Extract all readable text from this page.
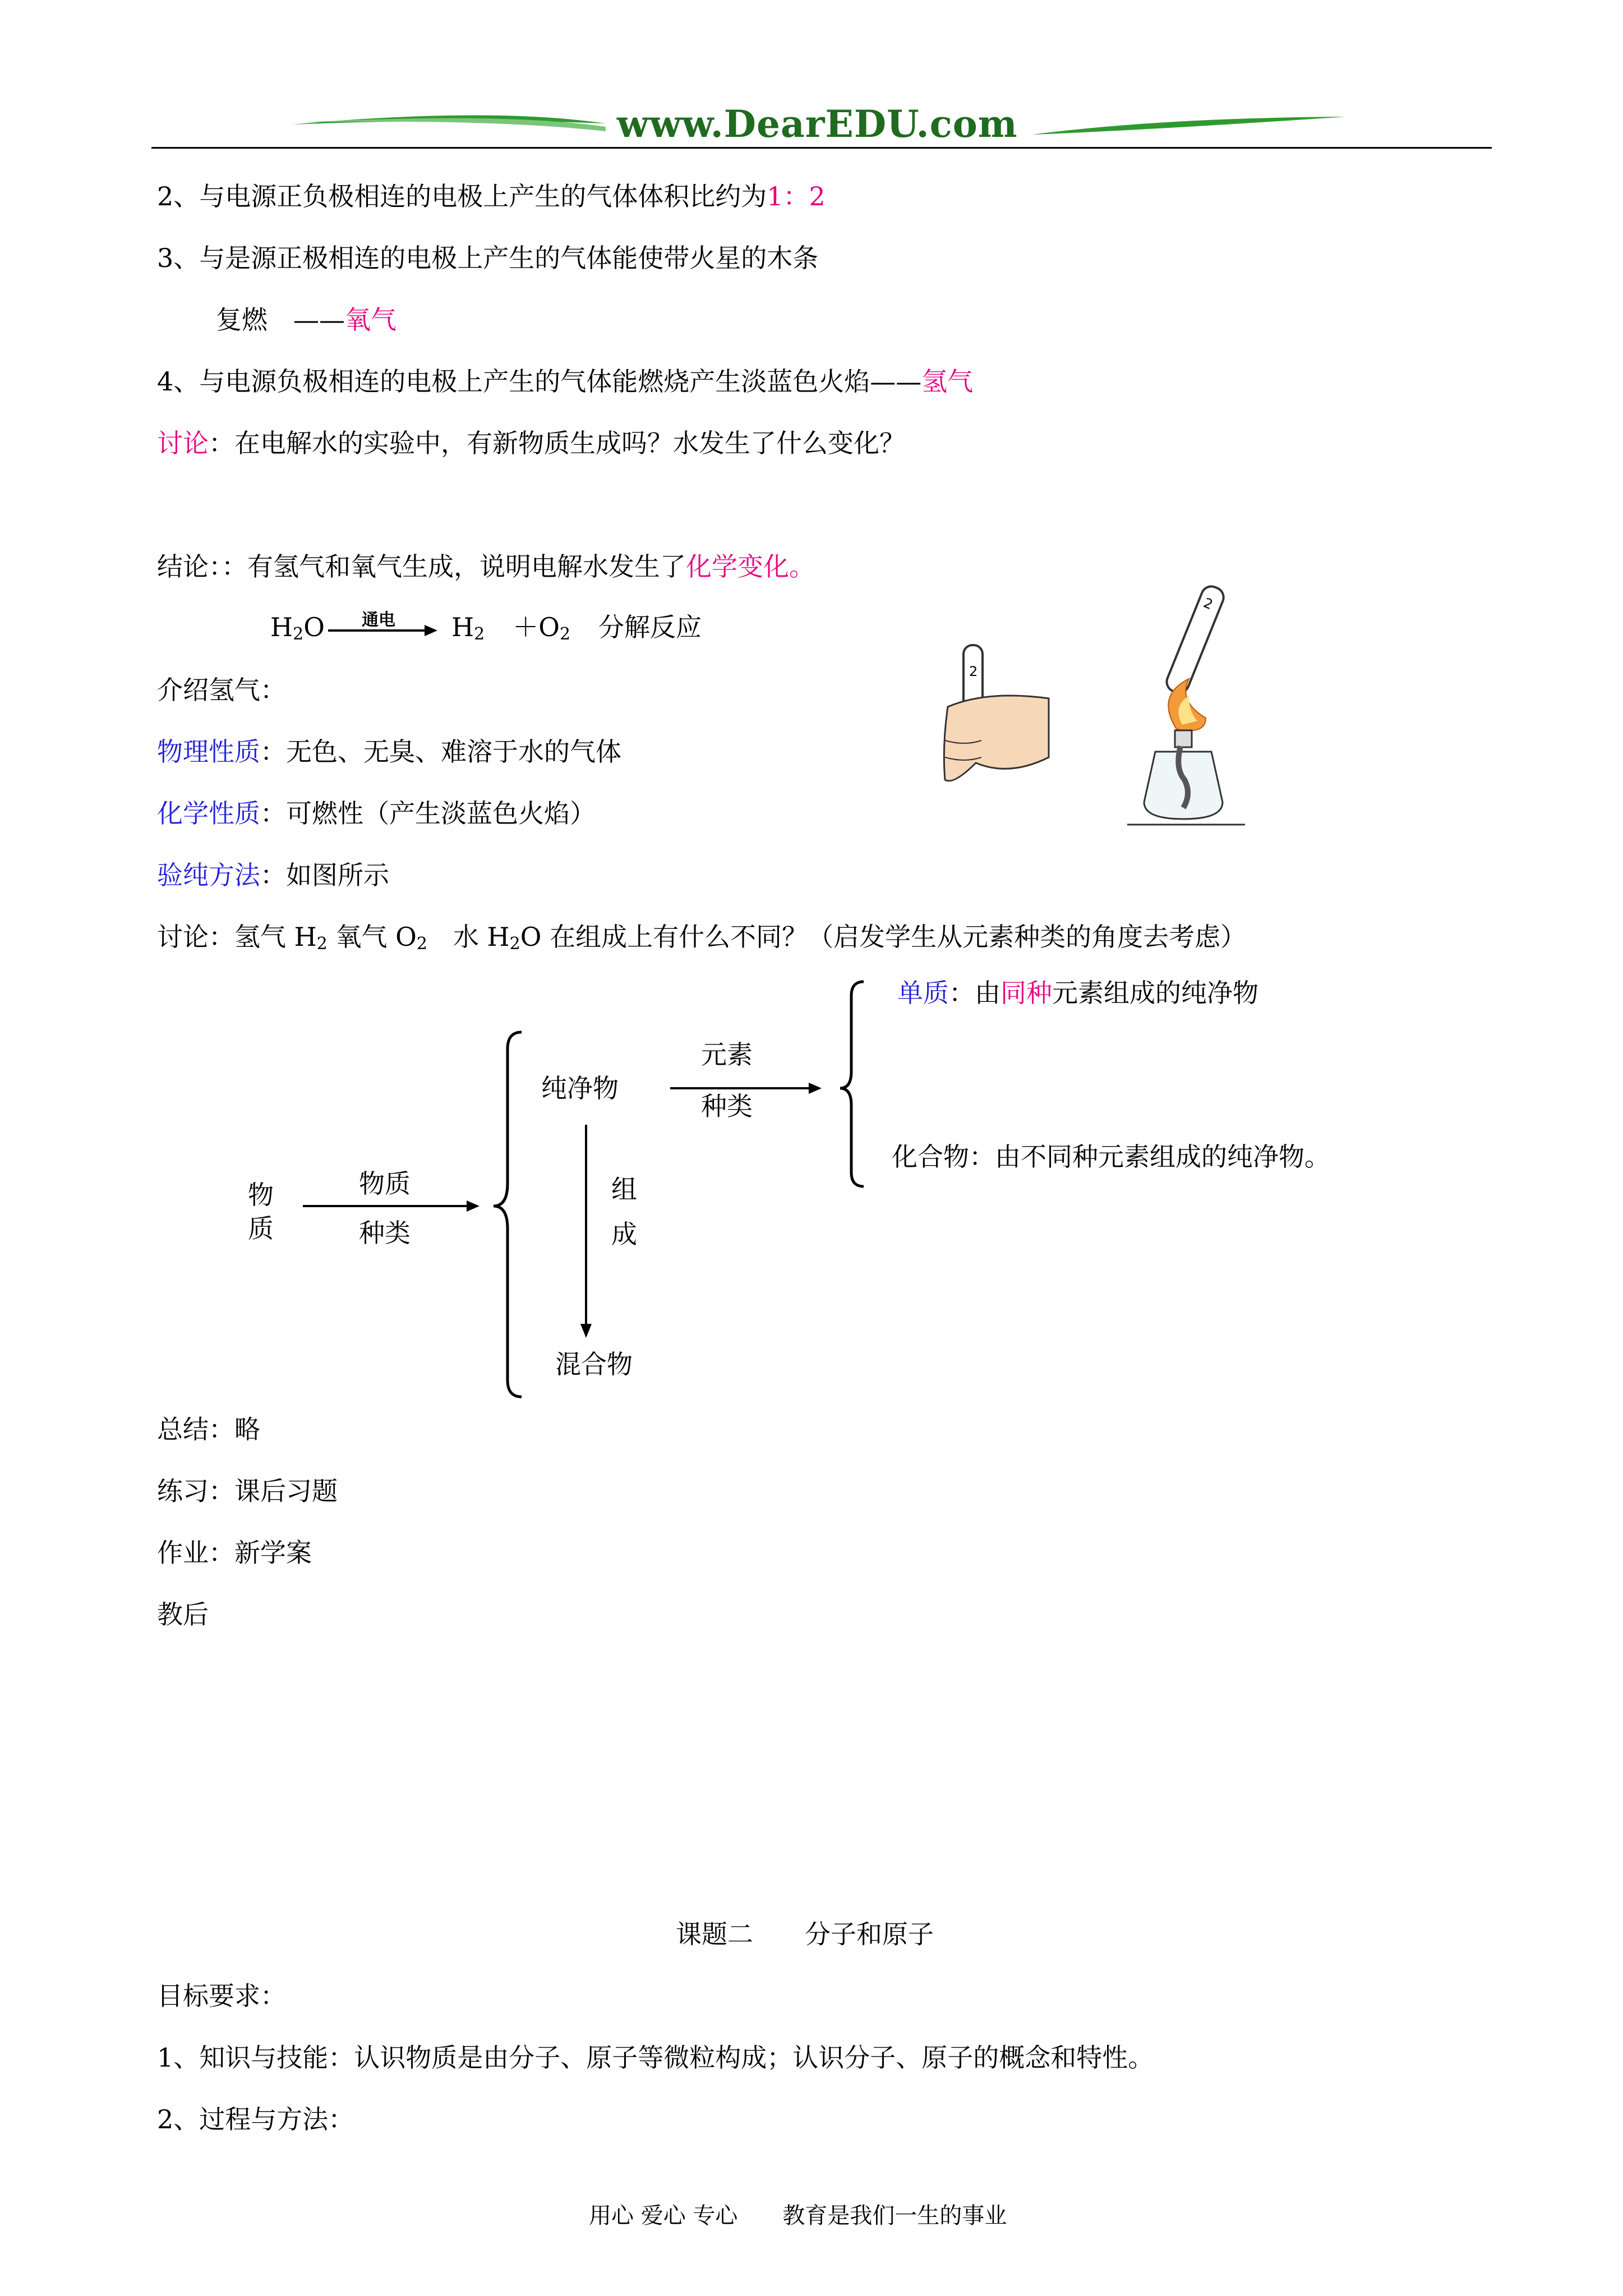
www.DearEDU.com
2、与电源正负极相连的电极上产生的气体体积比约为1：2
3、与是源正极相连的电极上产生的气体能使带火星的木条
复燃　——氧气
4、与电源负极相连的电极上产生的气体能燃烧产生淡蓝色火焰——氢气
讨论：在电解水的实验中，有新物质生成吗？水发生了什么变化？
结论：：有氢气和氧气生成，说明电解水发生了化学变化。
$H_2O$ 通电 $H_2 +O_2$ 分解反应
介绍氢气：
物理性质：无色、无臭、难溶于水的气体
化学性质：可燃性（产生淡蓝色火焰）
验纯方法：如图所示
讨论：氢气 $H_2$ 氧气 $O_2$　水 $H_2O$ 在组成上有什么不同？（启发学生从元素种类的角度去考虑）
2
2
物
质
物质
种类
纯净物
组
成
混合物
元素
种类
单质：由同种元素组成的纯净物
化合物：由不同种元素组成的纯净物。
总结：略
练习：课后习题
作业：新学案
教后
课题二　　分子和原子
目标要求：
1、知识与技能：认识物质是由分子、原子等微粒构成；认识分子、原子的概念和特性。
2、过程与方法：
用心 爱心 专心　　教育是我们一生的事业
